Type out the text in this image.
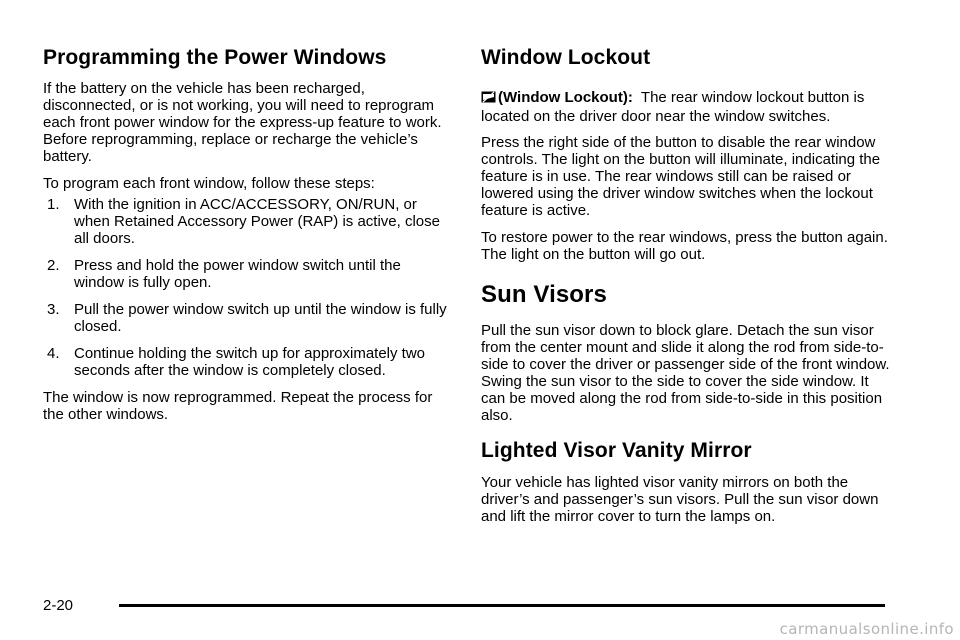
Programming the Power Windows

If the battery on the vehicle has been recharged, disconnected, or is not working, you will need to reprogram each front power window for the express-up feature to work. Before reprogramming, replace or recharge the vehicle’s battery.

To program each front window, follow these steps:

1. With the ignition in ACC/ACCESSORY, ON/RUN, or when Retained Accessory Power (RAP) is active, close all doors.
2. Press and hold the power window switch until the window is fully open.
3. Pull the power window switch up until the window is fully closed.
4. Continue holding the switch up for approximately two seconds after the window is completely closed.

The window is now reprogrammed. Repeat the process for the other windows.

Window Lockout

(Window Lockout): The rear window lockout button is located on the driver door near the window switches.

Press the right side of the button to disable the rear window controls. The light on the button will illuminate, indicating the feature is in use. The rear windows still can be raised or lowered using the driver window switches when the lockout feature is active.

To restore power to the rear windows, press the button again. The light on the button will go out.

Sun Visors

Pull the sun visor down to block glare. Detach the sun visor from the center mount and slide it along the rod from side-to-side to cover the driver or passenger side of the front window. Swing the sun visor to the side to cover the side window. It can be moved along the rod from side-to-side in this position also.

Lighted Visor Vanity Mirror

Your vehicle has lighted visor vanity mirrors on both the driver’s and passenger’s sun visors. Pull the sun visor down and lift the mirror cover to turn the lamps on.

2-20
carmanualsonline.info
